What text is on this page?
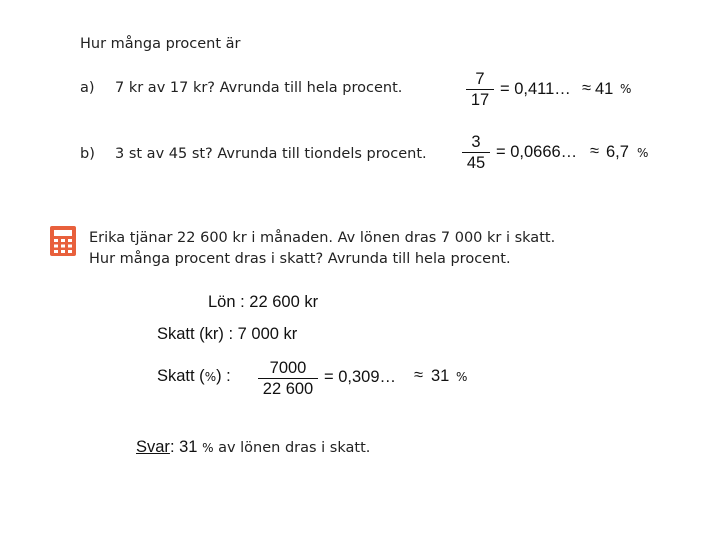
Hur många procent är
a) 7 kr av 17 kr? Avrunda till hela procent.	7
17
= 0,411… ≈ 41 %
b) 3 st av 45 st? Avrunda till tiondels procent.
3
45
= 0,0666… ≈ 6,7 %
Erika tjänar 22 600 kr i månaden. Av lönen dras 7 000 kr i skatt.
Hur många procent dras i skatt? Avrunda till hela procent.
Lön : 22 600 kr
Skatt (kr) : 7 000 kr
Skatt (%) : 7000
22 600
= 0,309… ≈ 31 %
Svar: 31 % av lönen dras i skatt.
